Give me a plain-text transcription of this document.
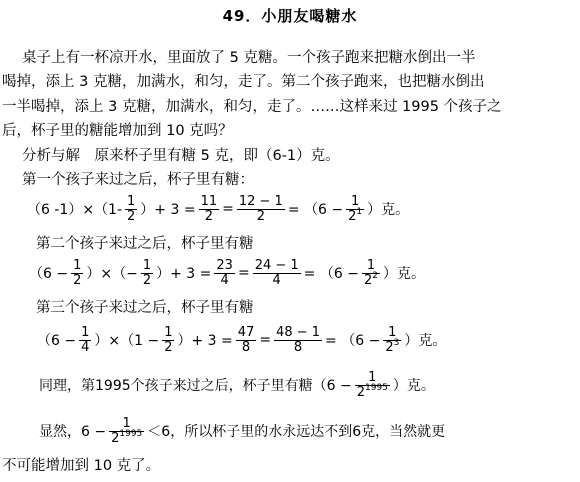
49．小朋友喝糖水
桌子上有一杯凉开水，里面放了 5 克糖。一个孩子跑来把糖水倒出一半
喝掉，添上 3 克糖，加满水，和匀，走了。第二个孩子跑来，也把糖水倒出
一半喝掉，添上 3 克糖，加满水，和匀，走了。……这样来过 1995 个孩子之
后，杯子里的糖能增加到 10 克吗？
分析与解　原来杯子里有糖 5 克，即（6-1）克。
第一个孩子来过之后，杯子里有糖：
（6 $-1)\times(1- \frac{1}{2}$ ）+ $3 = \frac{11}{2} = \frac{12 - 1}{2} = (6 - \frac{1}{2^1}$ ）克。
第二个孩子来过之后，杯子里有糖
（$6 - \frac{1}{2}$ ）×（− $\frac{1}{2}$ ）+ $3 = \frac{23}{4} = \frac{24 - 1}{4} = (6 - \frac{1}{2^2}$ ）克。
第三个孩子来过之后，杯子里有糖
$(6 - \frac{1}{4} )\times(1 - \frac{1}{2}$ ）+ $3 = \frac{47}{8} = \frac{48 - 1}{8} = (6 - \frac{1}{2^3}$ ）克。
同理，第1995个孩子来过之后，杯子里有糖（$6 - \frac{1}{2^{1995}}$ ）克。
显然，$6 - \frac{1}{2^{1995}} <6$，所以杯子里的水永远达不到6克，当然就更
不可能增加到 10 克了。
